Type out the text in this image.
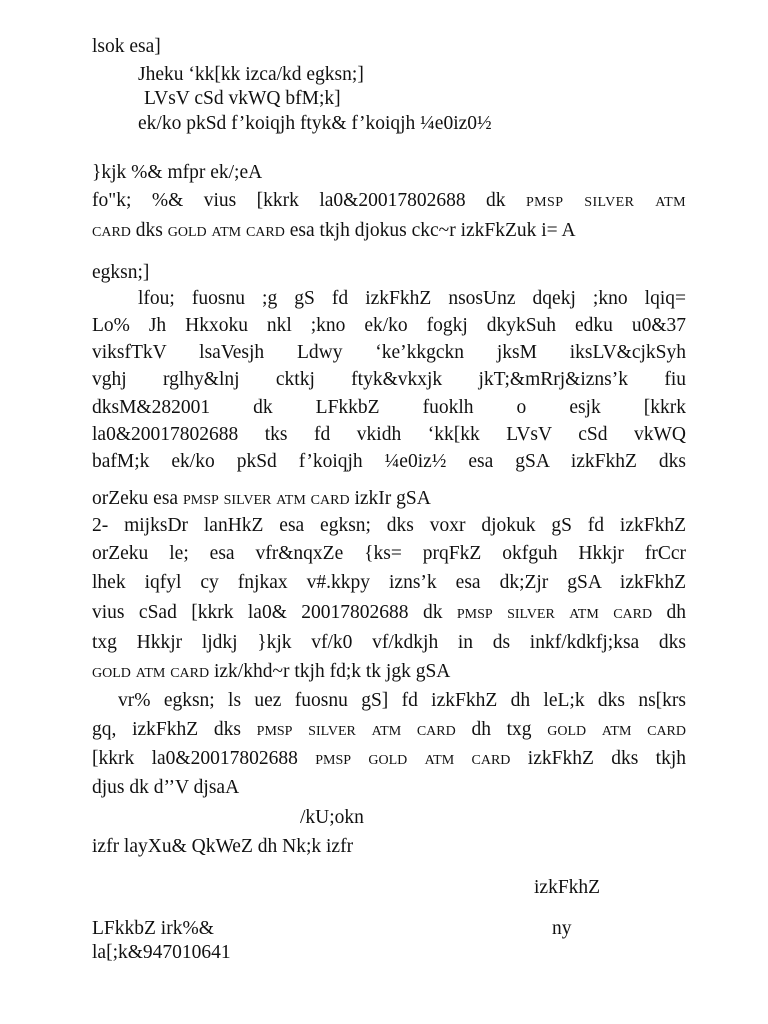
lsok esa]
Jheku ‘kk[kk izca/kd egksn;]
LVsV cSd vkWQ bfM;k]
ek/ko pkSd f’koiqjh ftyk& f’koiqjh ¼e0iz0½
}kjk %& mfpr ek/;eA
fo"k; %& vius [kkrk la0&20017802688 dk pmsp silver atm
card dks gold atm card esa tkjh djokus ckc~r izkFkZuk i= A
egksn;]
lfou; fuosnu ;g gS fd izkFkhZ nsosUnz dqekj ;kno lqiq=
Lo% Jh Hkxoku nkl ;kno ek/ko fogkj dkykSuh edku u0&37
viksfTkV lsaVesjh Ldwy ‘ke’kkgckn jksM iksLV&cjkSyh
vghj rglhy&lnj cktkj ftyk&vkxjk jkT;&mRrj&izns’k fiu
dksM&282001 dk LFkkbZ fuoklh o esjk [kkrk
la0&20017802688 tks fd vkidh ‘kk[kk LVsV cSd vkWQ
bafM;k ek/ko pkSd f’koiqjh ¼e0iz½ esa gSA izkFkhZ dks
orZeku esa pmsp silver atm card izkIr gSA
2- mijksDr lanHkZ esa egksn; dks voxr djokuk gS fd izkFkhZ
orZeku le; esa vfr&nqxZe {ks= prqFkZ okfguh Hkkjr frCcr
lhek iqfyl cy fnjkax v#.kkpy izns’k esa dk;Zjr gSA izkFkhZ
vius cSad [kkrk la0& 20017802688 dk pmsp silver atm card dh
txg Hkkjr ljdkj }kjk vf/k0 vf/kdkjh in ds inkf/kdkfj;ksa dks
gold atm card izk/khd~r tkjh fd;k tk jgk gSA
vr% egksn; ls uez fuosnu gS] fd izkFkhZ dh leL;k dks ns[krs
gq, izkFkhZ dks pmsp silver atm card dh txg gold atm card
[kkrk la0&20017802688 pmsp gold atm card izkFkhZ dks tkjh
djus dk d’’V djsaA
/kU;okn
izfr layXu& QkWeZ dh Nk;k izfr
izkFkhZ
LFkkbZ irk%&	ny
la[;k&947010641
